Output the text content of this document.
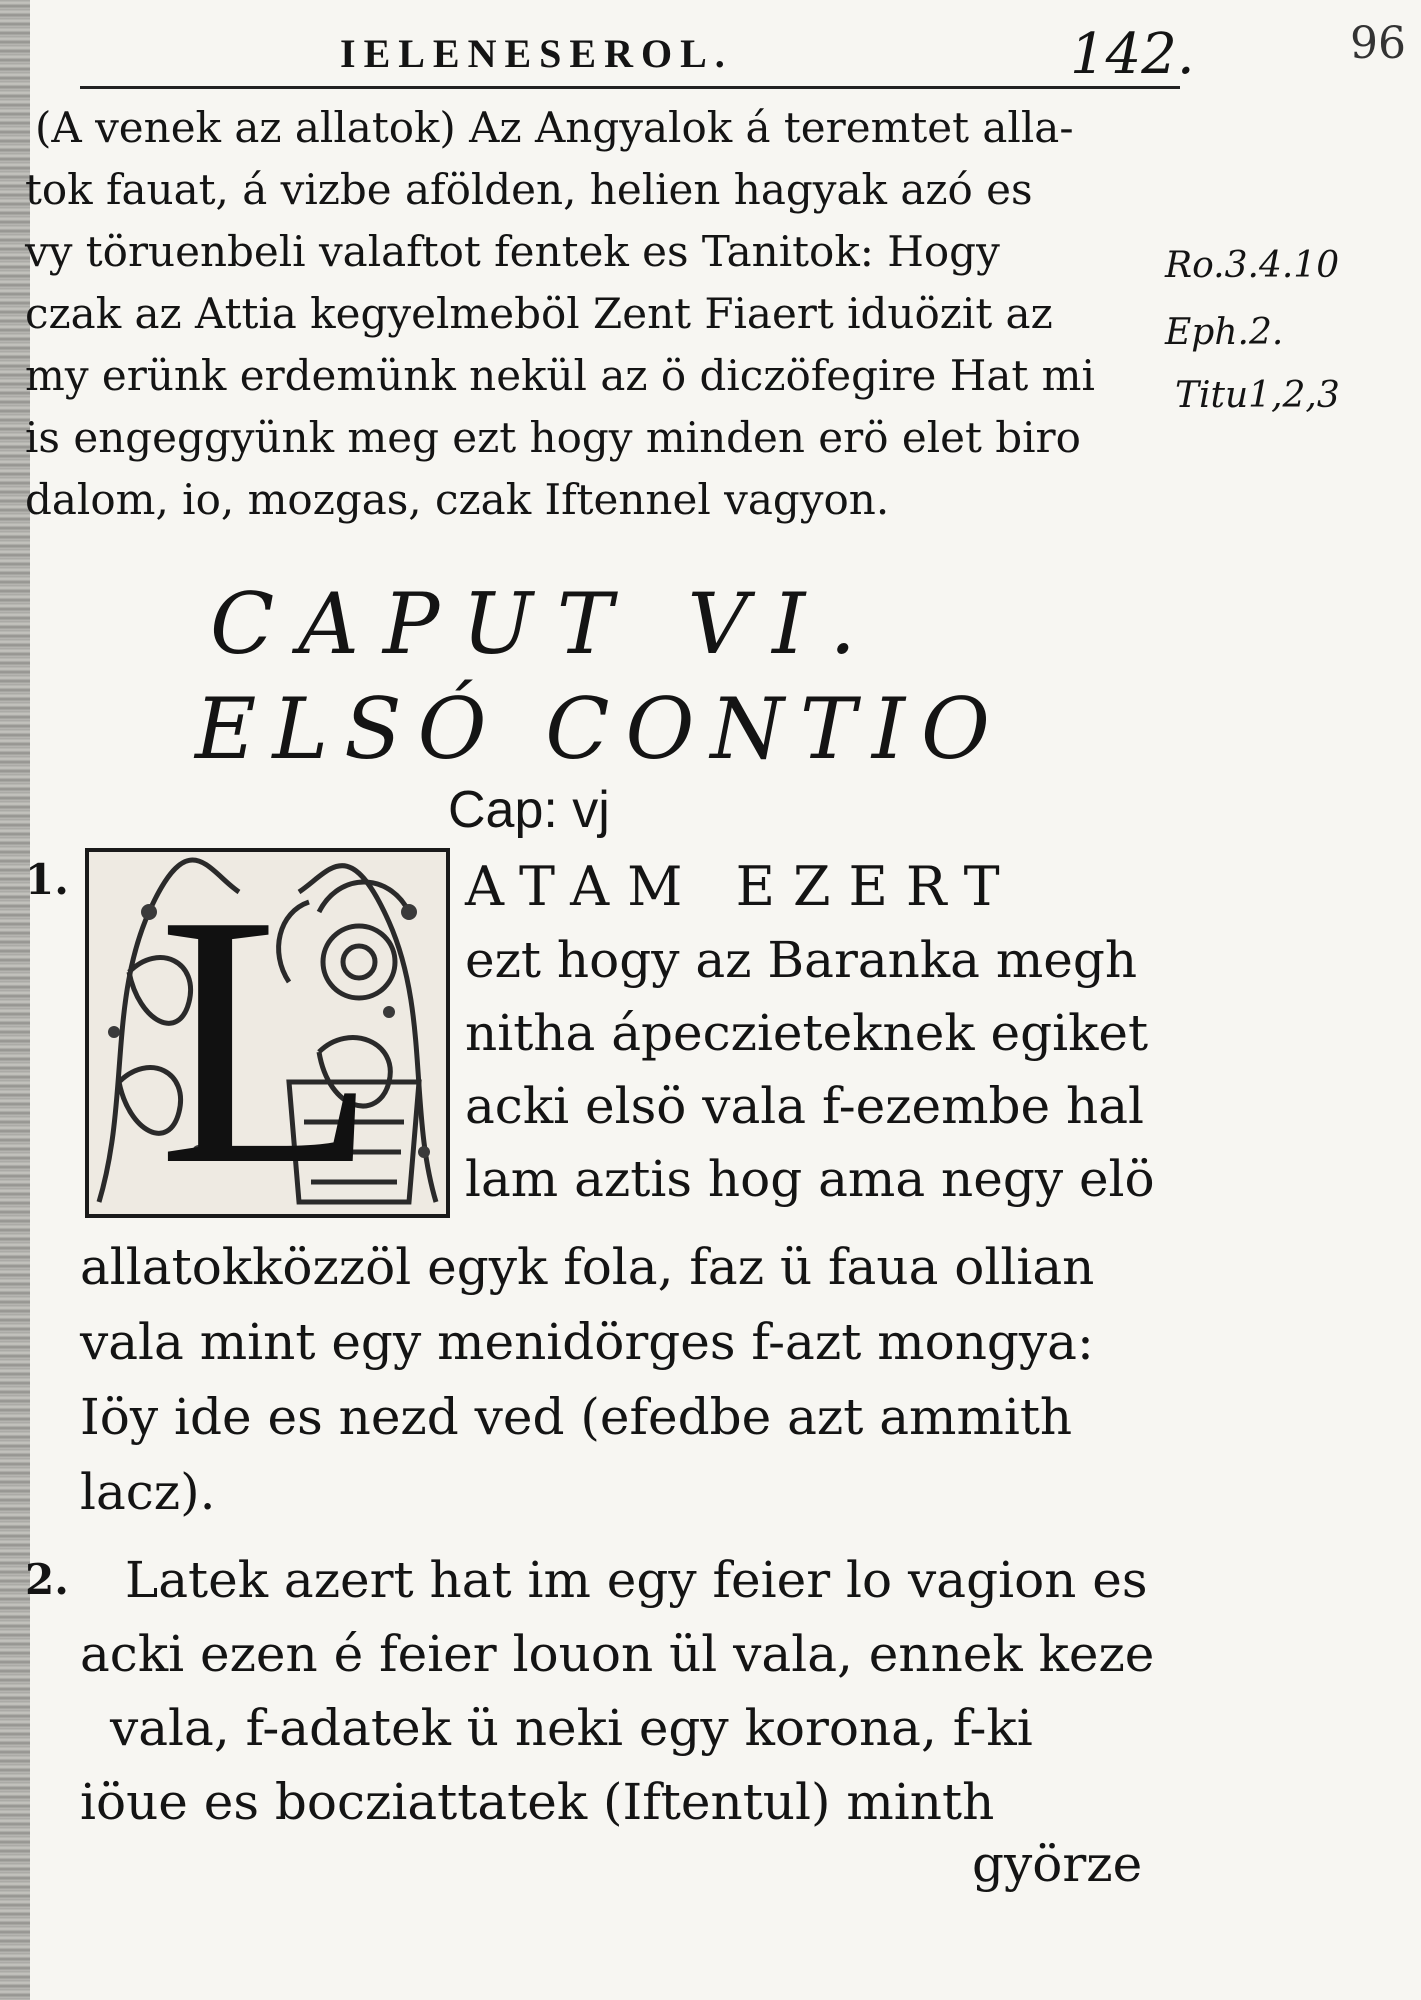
IELENESEROL.	142.	96
(A venek az allatok) Az Angyalok á teremtet alla-
tok fauat, á vizbe afölden, helien hagyak azó es
vy töruenbeli valaftot fentek es Tanitok: Hogy
czak az Attia kegyelmeböl Zent Fiaert iduözit az
my erünk erdemünk nekül az ö diczöfegire Hat mi
is engeggyünk meg ezt hogy minden erö elet biro
dalom, io, mozgas, czak Iftennel vagyon.
Ro.3.4.10
Eph.2.
Titu1,2,3
CAPUT VI.
ELSÓ CONTIO
Cap: vj
1. L	ATAM EZERT
ezt hogy az Baranka megh
nitha ápeczieteknek egiket
acki elsö vala f-ezembe hal
lam aztis hog ama negy elö
allatokközzöl egyk fola, faz ü faua ollian
vala mint egy menidörges f-azt mongya:
Iöy ide es nezd ved (efedbe azt ammith
lacz).
2. Latek azert hat im egy feier lo vagion es
acki ezen é feier louon ül vala, ennek keze
vala, f-adatek ü neki egy korona, f-ki
iöue es bocziattatek (Iftentul) minth
györze
